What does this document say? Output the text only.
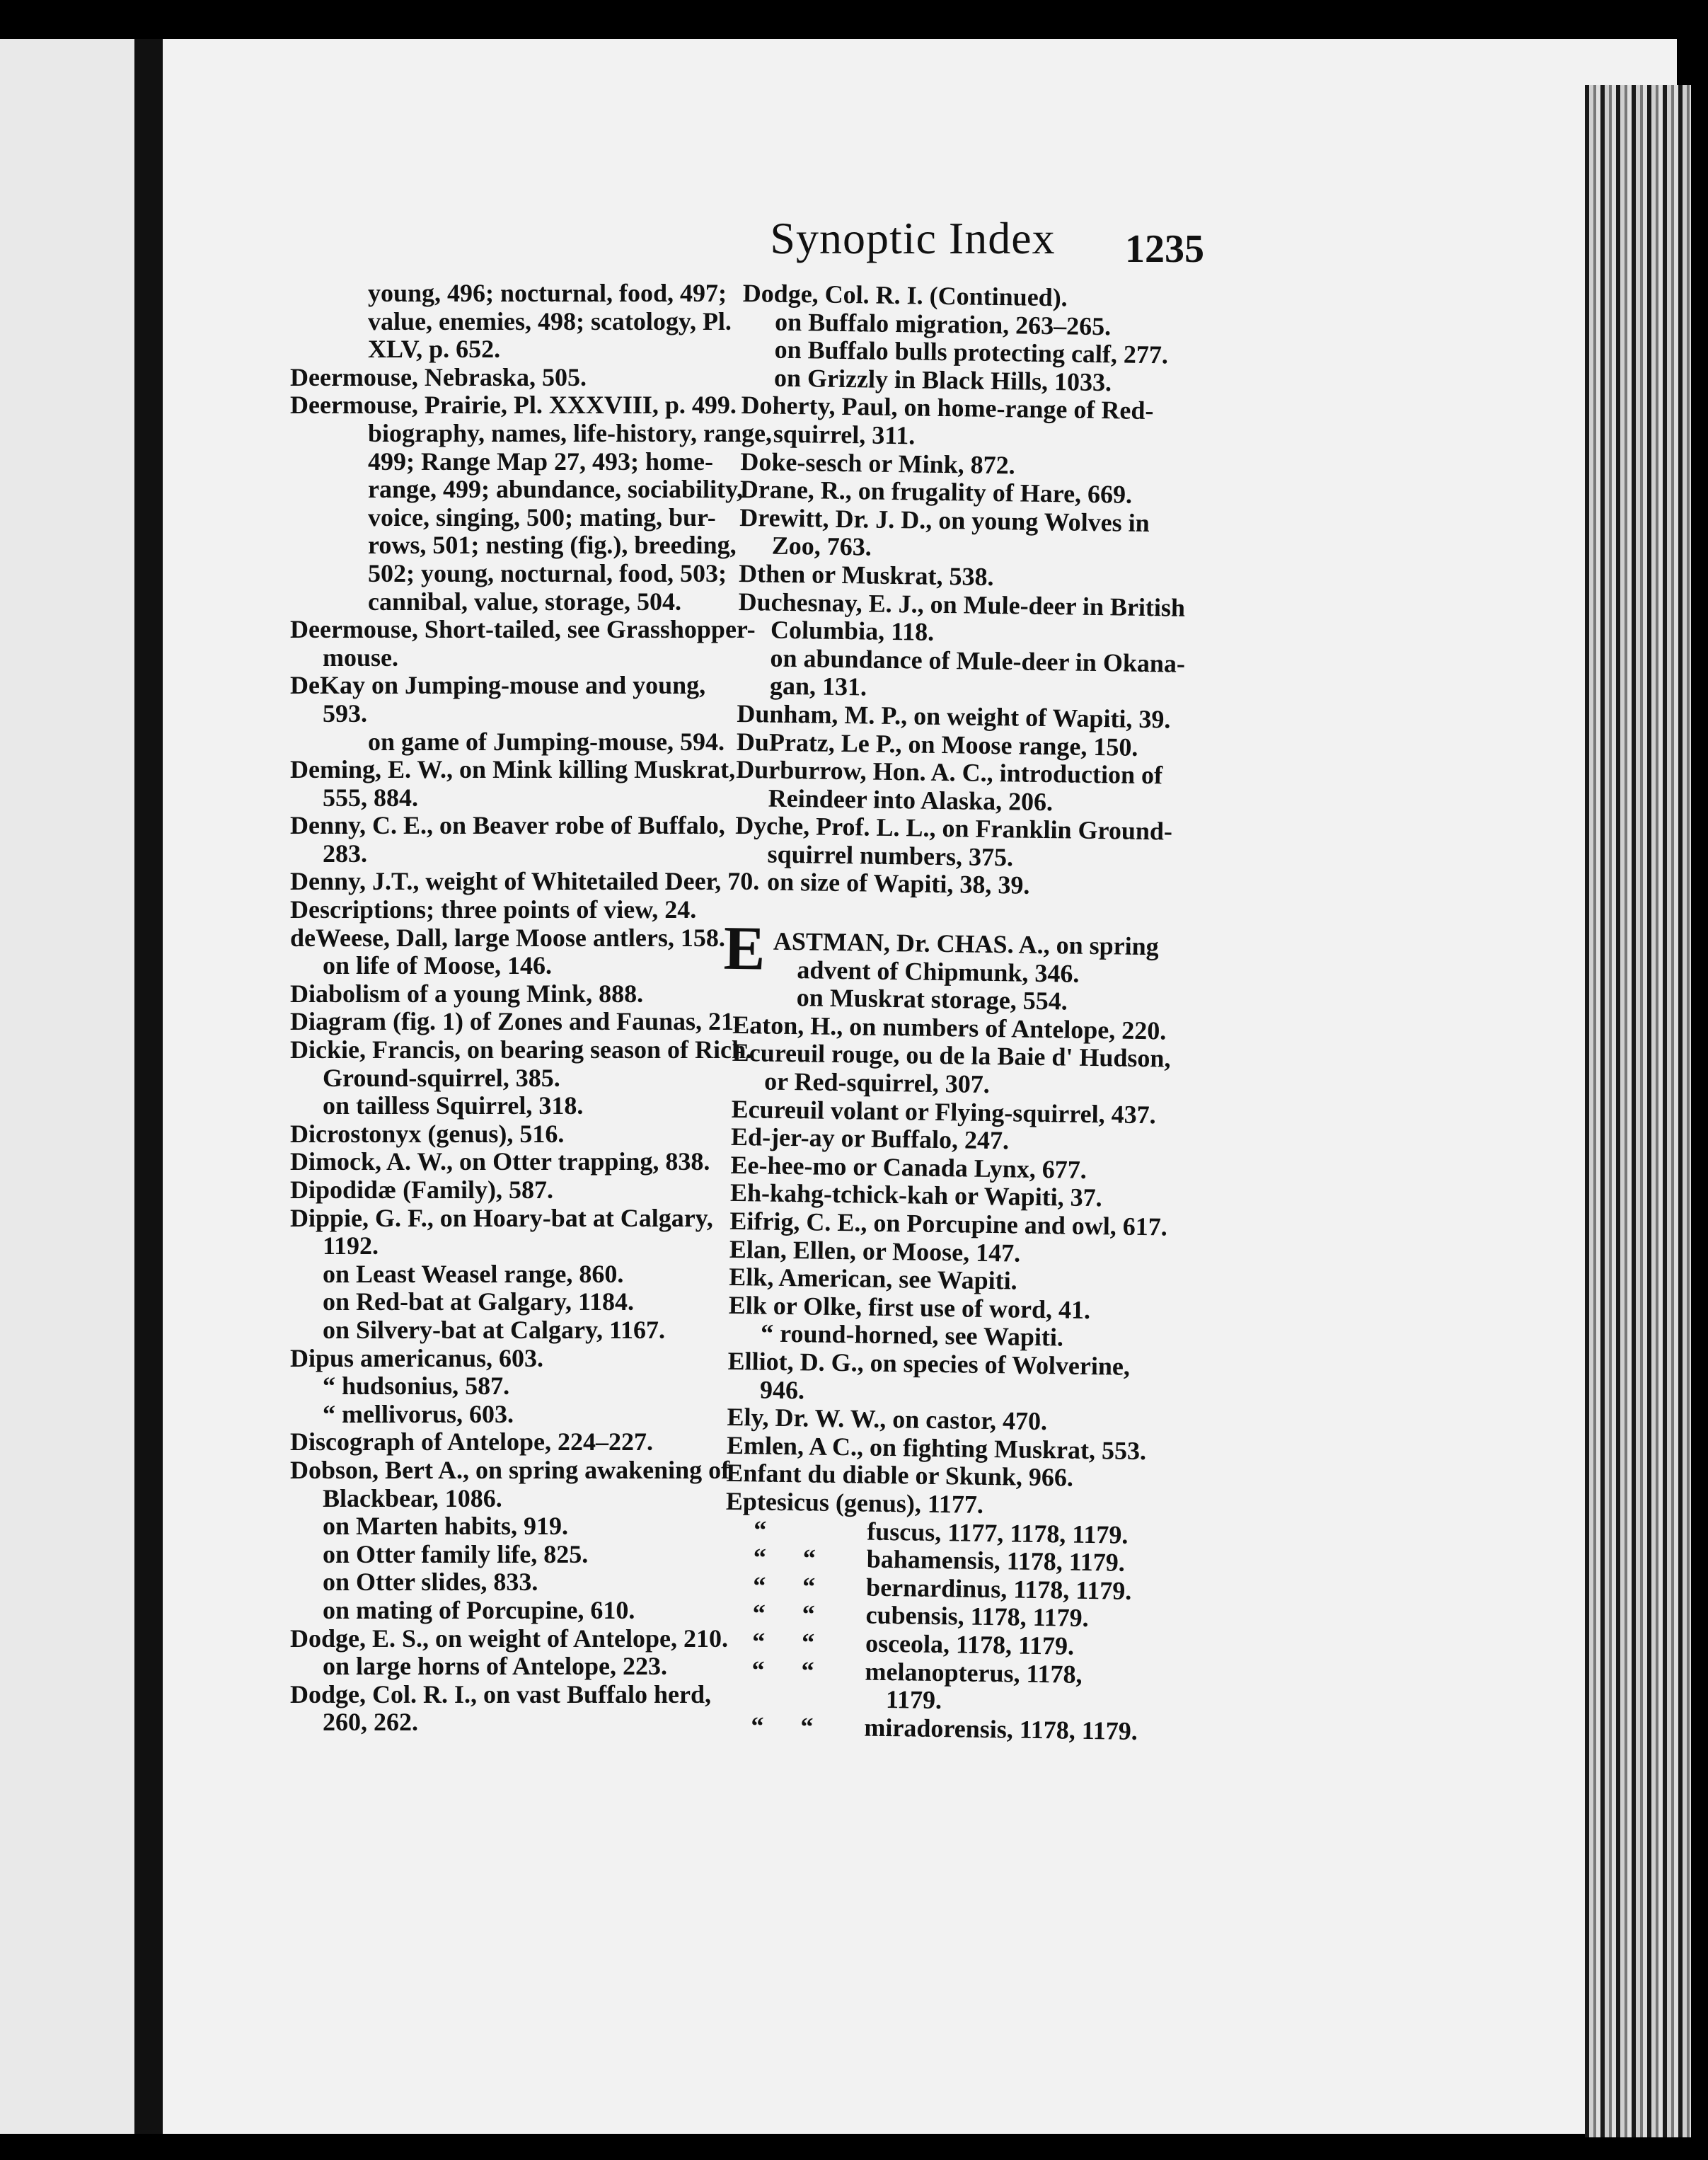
Synoptic Index	1235
young, 496; nocturnal, food, 497;
value, enemies, 498; scatology, Pl.
XLV, p. 652.
Deermouse, Nebraska, 505.
Deermouse, Prairie, Pl. XXXVIII, p. 499.
biography, names, life-history, range,
499; Range Map 27, 493; home-
range, 499; abundance, sociability,
voice, singing, 500; mating, bur-
rows, 501; nesting (fig.), breeding,
502; young, nocturnal, food, 503;
cannibal, value, storage, 504.
Deermouse, Short-tailed, see Grasshopper-
mouse.
DeKay on Jumping-mouse and young,
593.
on game of Jumping-mouse, 594.
Deming, E. W., on Mink killing Muskrat,
555, 884.
Denny, C. E., on Beaver robe of Buffalo,
283.
Denny, J.T., weight of Whitetailed Deer, 70.
Descriptions; three points of view, 24.
deWeese, Dall, large Moose antlers, 158.
on life of Moose, 146.
Diabolism of a young Mink, 888.
Diagram (fig. 1) of Zones and Faunas, 21.
Dickie, Francis, on bearing season of Rich.
Ground-squirrel, 385.
on tailless Squirrel, 318.
Dicrostonyx (genus), 516.
Dimock, A. W., on Otter trapping, 838.
Dipodidæ (Family), 587.
Dippie, G. F., on Hoary-bat at Calgary,
1192.
on Least Weasel range, 860.
on Red-bat at Galgary, 1184.
on Silvery-bat at Calgary, 1167.
Dipus americanus, 603.
“ hudsonius, 587.
“ mellivorus, 603.
Discograph of Antelope, 224–227.
Dobson, Bert A., on spring awakening of
Blackbear, 1086.
on Marten habits, 919.
on Otter family life, 825.
on Otter slides, 833.
on mating of Porcupine, 610.
Dodge, E. S., on weight of Antelope, 210.
on large horns of Antelope, 223.
Dodge, Col. R. I., on vast Buffalo herd,
260, 262.
Dodge, Col. R. I. (Continued).
on Buffalo migration, 263–265.
on Buffalo bulls protecting calf, 277.
on Grizzly in Black Hills, 1033.
Doherty, Paul, on home-range of Red-
squirrel, 311.
Doke-sesch or Mink, 872.
Drane, R., on frugality of Hare, 669.
Drewitt, Dr. J. D., on young Wolves in
Zoo, 763.
Dthen or Muskrat, 538.
Duchesnay, E. J., on Mule-deer in British
Columbia, 118.
on abundance of Mule-deer in Okana-
gan, 131.
Dunham, M. P., on weight of Wapiti, 39.
DuPratz, Le P., on Moose range, 150.
Durburrow, Hon. A. C., introduction of
Reindeer into Alaska, 206.
Dyche, Prof. L. L., on Franklin Ground-
squirrel numbers, 375.
on size of Wapiti, 38, 39.
E ASTMAN, Dr. CHAS. A., on spring
advent of Chipmunk, 346.
on Muskrat storage, 554.
Eaton, H., on numbers of Antelope, 220.
Ecureuil rouge, ou de la Baie d' Hudson,
or Red-squirrel, 307.
Ecureuil volant or Flying-squirrel, 437.
Ed-jer-ay or Buffalo, 247.
Ee-hee-mo or Canada Lynx, 677.
Eh-kahg-tchick-kah or Wapiti, 37.
Eifrig, C. E., on Porcupine and owl, 617.
Elan, Ellen, or Moose, 147.
Elk, American, see Wapiti.
Elk or Olke, first use of word, 41.
“ round-horned, see Wapiti.
Elliot, D. G., on species of Wolverine,
946.
Ely, Dr. W. W., on castor, 470.
Emlen, A C., on fighting Muskrat, 553.
Enfant du diable or Skunk, 966.
Eptesicus (genus), 1177.
“	fuscus, 1177, 1178, 1179.
“	“	bahamensis, 1178, 1179.
“	“	bernardinus, 1178, 1179.
“	“	cubensis, 1178, 1179.
“	“	osceola, 1178, 1179.
“	“	melanopterus, 1178,
1179.
“	“	miradorensis, 1178, 1179.
